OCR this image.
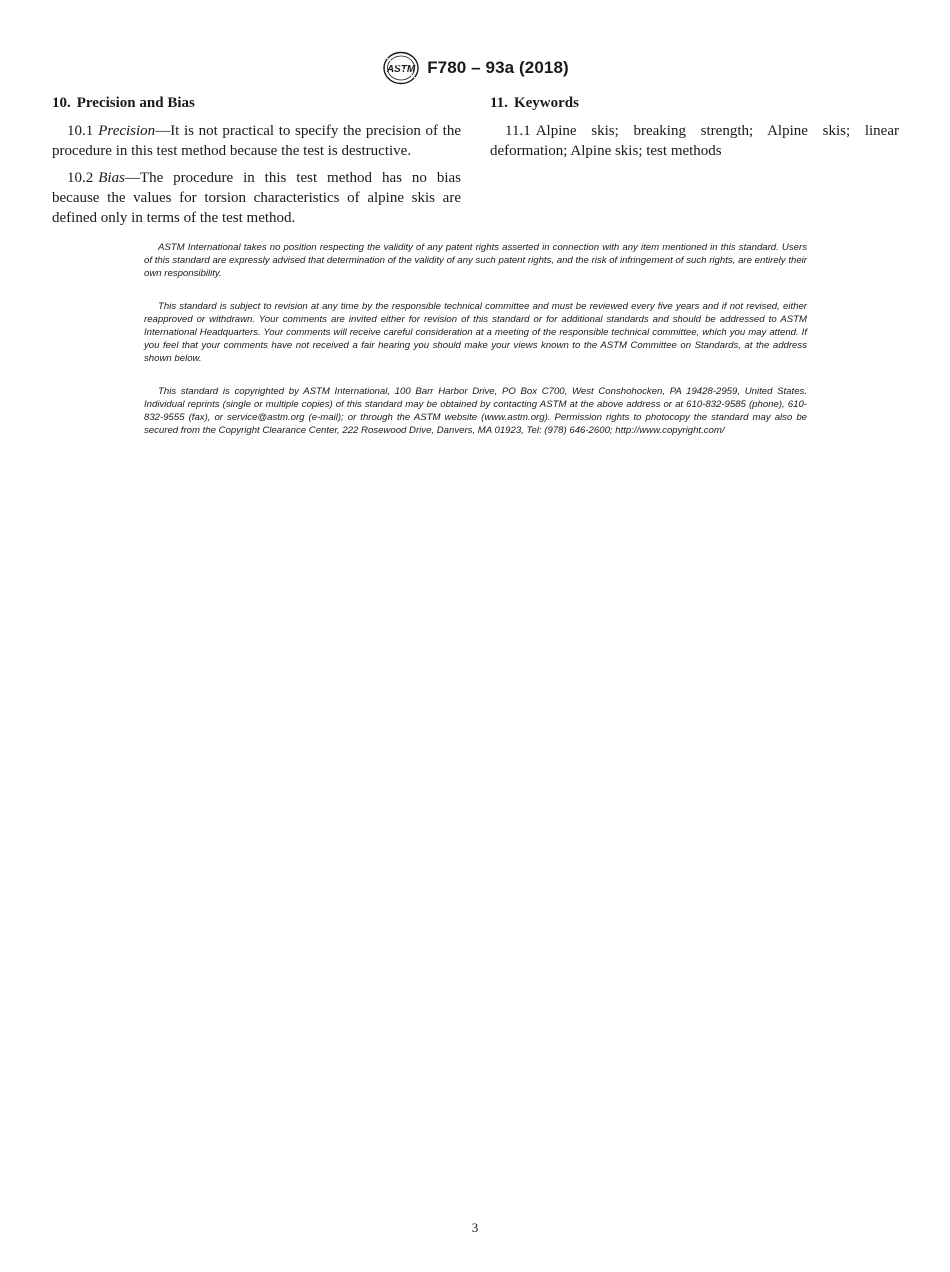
ASTM F780 – 93a (2018)
10. Precision and Bias

10.1 Precision—It is not practical to specify the precision of the procedure in this test method because the test is destructive.

10.2 Bias—The procedure in this test method has no bias because the values for torsion characteristics of alpine skis are defined only in terms of the test method.

11. Keywords

11.1 Alpine skis; breaking strength; Alpine skis; linear deformation; Alpine skis; test methods

ASTM International takes no position respecting the validity of any patent rights asserted in connection with any item mentioned in this standard. Users of this standard are expressly advised that determination of the validity of any such patent rights, and the risk of infringement of such rights, are entirely their own responsibility.

This standard is subject to revision at any time by the responsible technical committee and must be reviewed every five years and if not revised, either reapproved or withdrawn. Your comments are invited either for revision of this standard or for additional standards and should be addressed to ASTM International Headquarters. Your comments will receive careful consideration at a meeting of the responsible technical committee, which you may attend. If you feel that your comments have not received a fair hearing you should make your views known to the ASTM Committee on Standards, at the address shown below.

This standard is copyrighted by ASTM International, 100 Barr Harbor Drive, PO Box C700, West Conshohocken, PA 19428-2959, United States. Individual reprints (single or multiple copies) of this standard may be obtained by contacting ASTM at the above address or at 610-832-9585 (phone), 610-832-9555 (fax), or service@astm.org (e-mail); or through the ASTM website (www.astm.org). Permission rights to photocopy the standard may also be secured from the Copyright Clearance Center, 222 Rosewood Drive, Danvers, MA 01923, Tel: (978) 646-2600; http://www.copyright.com/

3
